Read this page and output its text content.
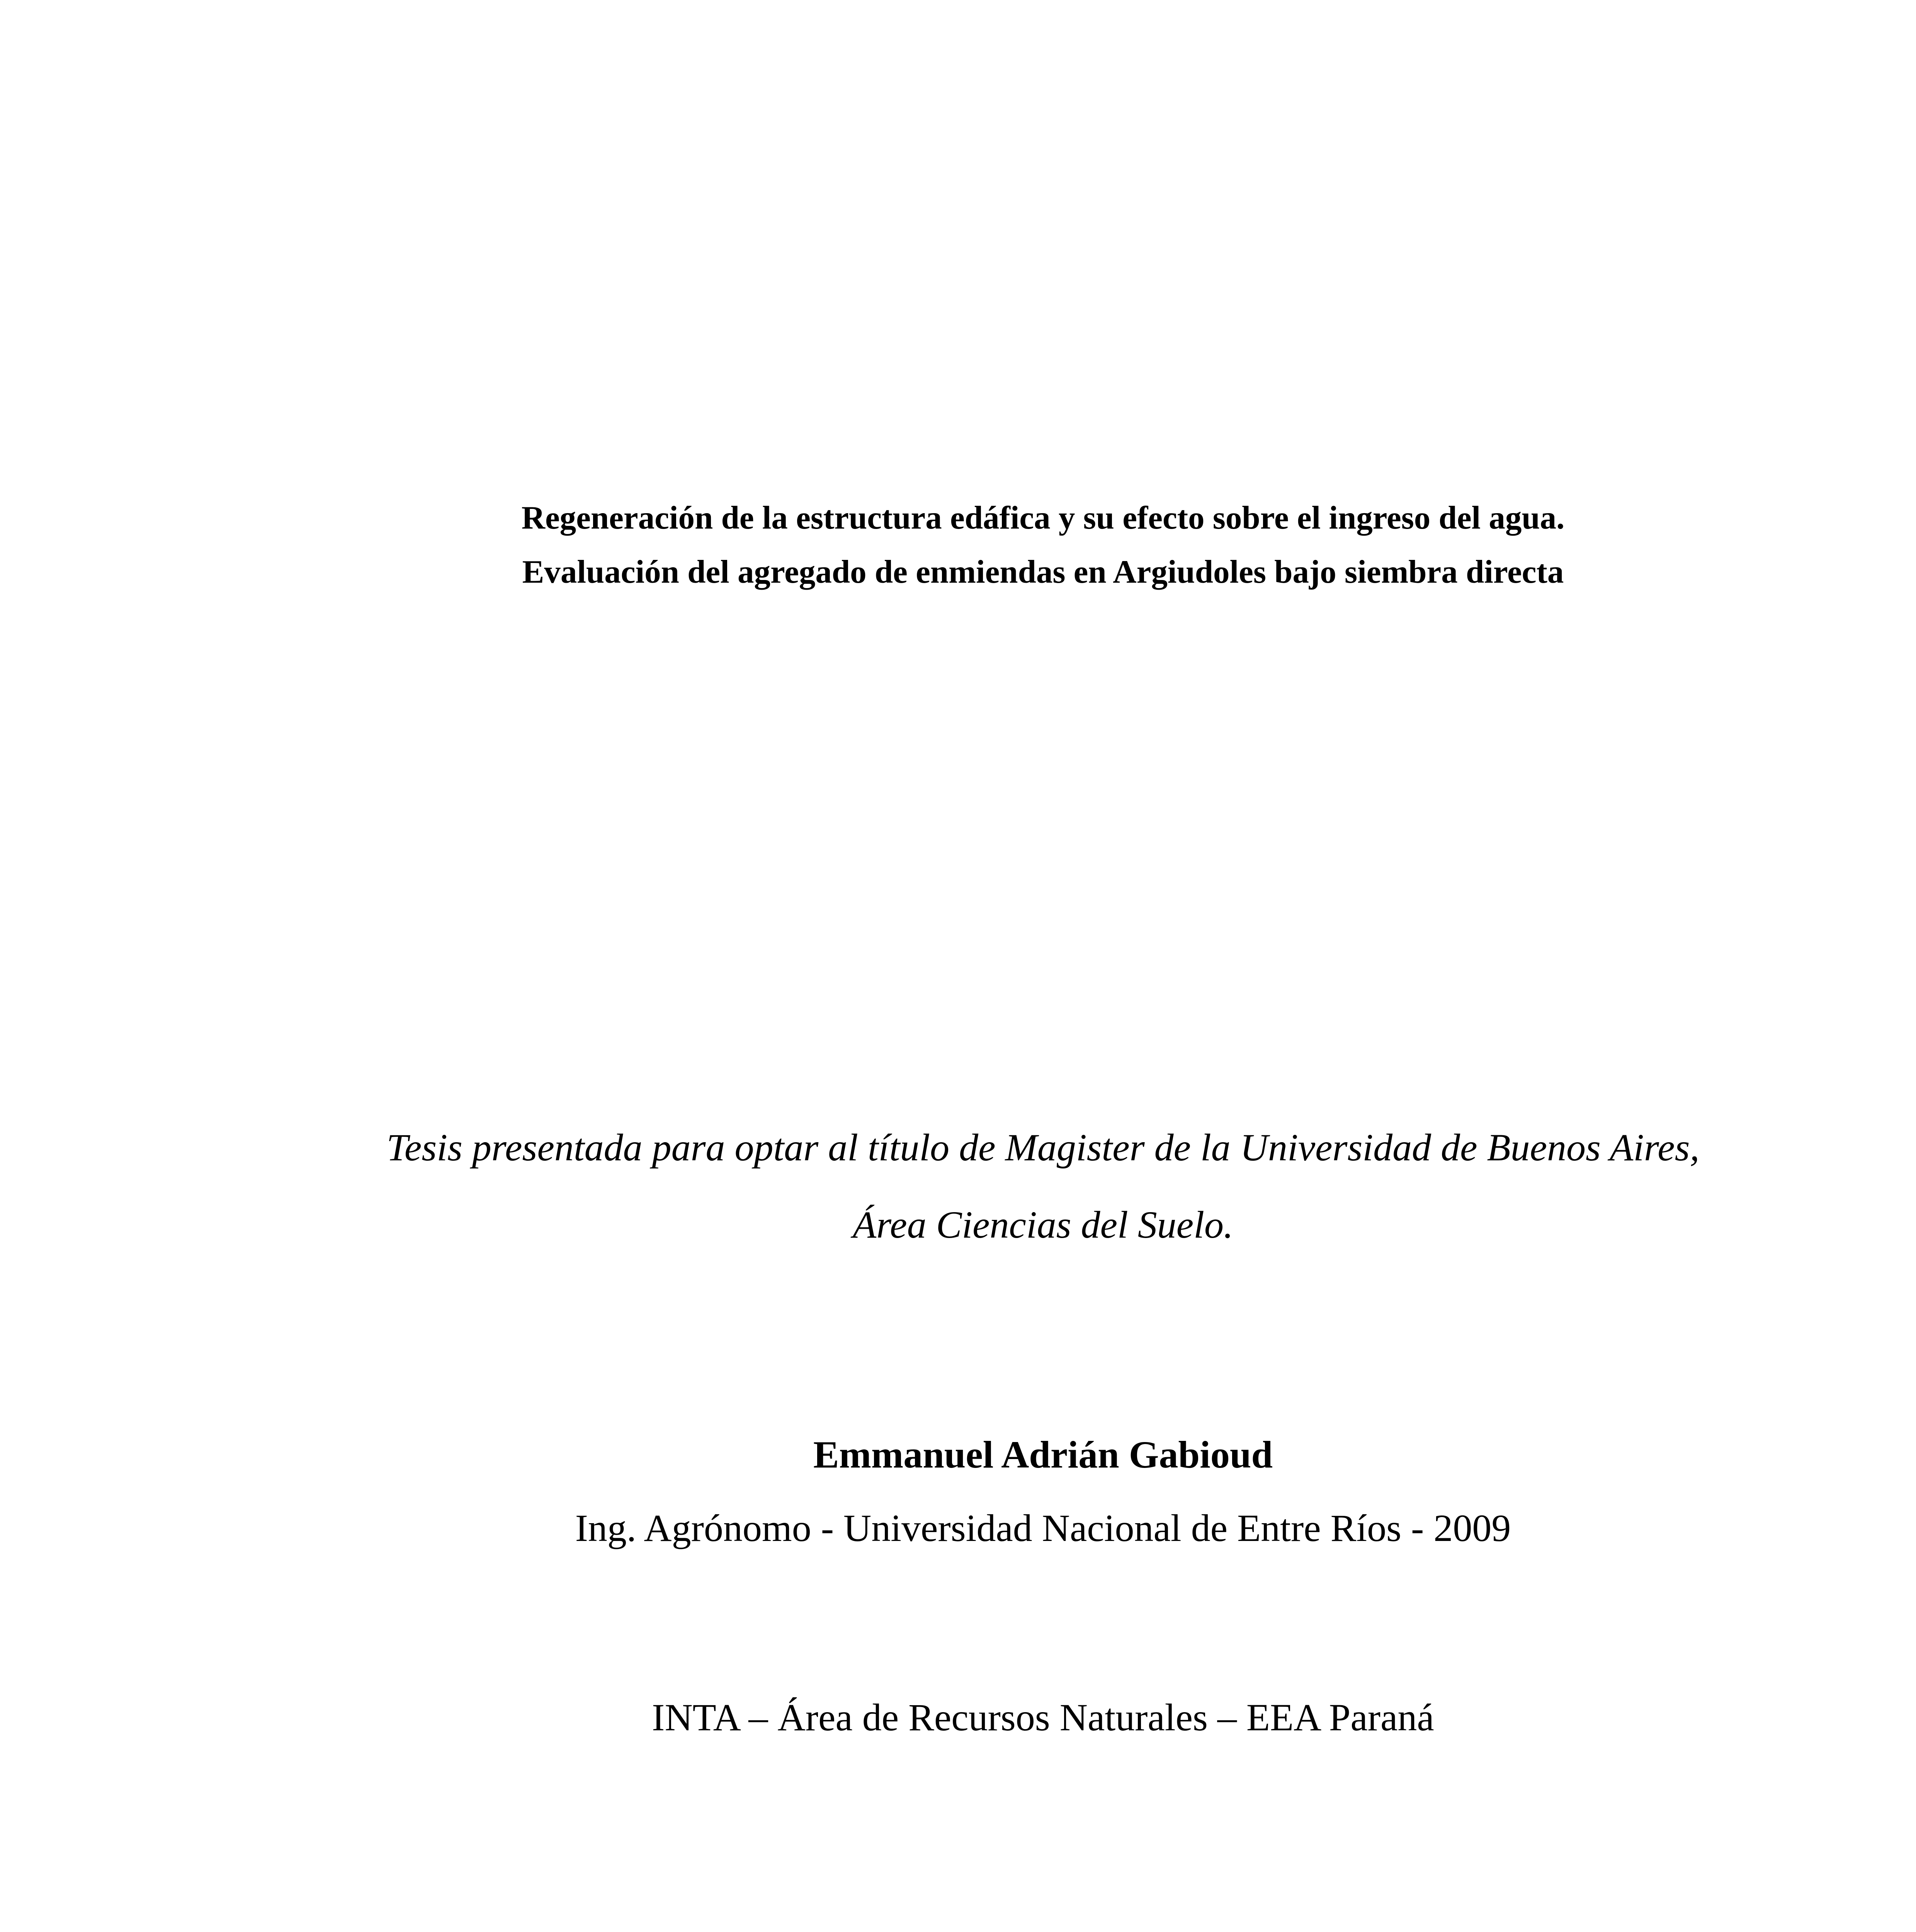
Regeneración de la estructura edáfica y su efecto sobre el ingreso del agua.
Evaluación del agregado de enmiendas en Argiudoles bajo siembra directa
Tesis presentada para optar al título de Magister de la Universidad de Buenos Aires,
Área Ciencias del Suelo.
Emmanuel Adrián Gabioud
Ing. Agrónomo - Universidad Nacional de Entre Ríos - 2009
INTA – Área de Recursos Naturales – EEA Paraná
